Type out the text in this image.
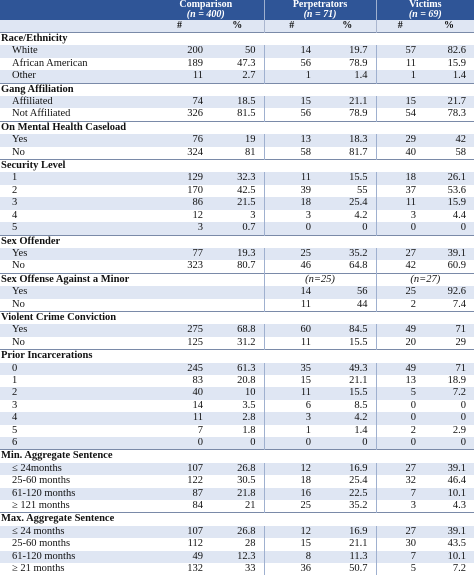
	Comparison		Perpetrators		Victims	
	(n = 400)		(n = 71)		(n = 69)	
	#	%	#	%	#	%
Race/Ethnicity						
White	200	50	14	19.7	57	82.6
African American	189	47.3	56	78.9	11	15.9
Other	11	2.7	1	1.4	1	1.4
Gang Affiliation						
Affiliated	74	18.5	15	21.1	15	21.7
Not Affiliated	326	81.5	56	78.9	54	78.3
On Mental Health Caseload						
Yes	76	19	13	18.3	29	42
No	324	81	58	81.7	40	58
Security Level						
1	129	32.3	11	15.5	18	26.1
2	170	42.5	39	55	37	53.6
3	86	21.5	18	25.4	11	15.9
4	12	3	3	4.2	3	4.4
5	3	0.7	0	0	0	0
Sex Offender						
Yes	77	19.3	25	35.2	27	39.1
No	323	80.7	46	64.8	42	60.9
Sex Offense Against a Minor			(n=25)		(n=27)	
Yes			14	56	25	92.6
No			11	44	2	7.4
Violent Crime Conviction						
Yes	275	68.8	60	84.5	49	71
No	125	31.2	11	15.5	20	29
Prior Incarcerations						
0	245	61.3	35	49.3	49	71
1	83	20.8	15	21.1	13	18.9
2	40	10	11	15.5	5	7.2
3	14	3.5	6	8.5	0	0
4	11	2.8	3	4.2	0	0
5	7	1.8	1	1.4	2	2.9
6	0	0	0	0	0	0
Min. Aggregate Sentence						
≤ 24months	107	26.8	12	16.9	27	39.1
25-60 months	122	30.5	18	25.4	32	46.4
61-120 months	87	21.8	16	22.5	7	10.1
≥ 121 months	84	21	25	35.2	3	4.3
Max. Aggregate Sentence						
≤ 24 months	107	26.8	12	16.9	27	39.1
25-60 months	112	28	15	21.1	30	43.5
61-120 months	49	12.3	8	11.3	7	10.1
≥ 21 months	132	33	36	50.7	5	7.2
